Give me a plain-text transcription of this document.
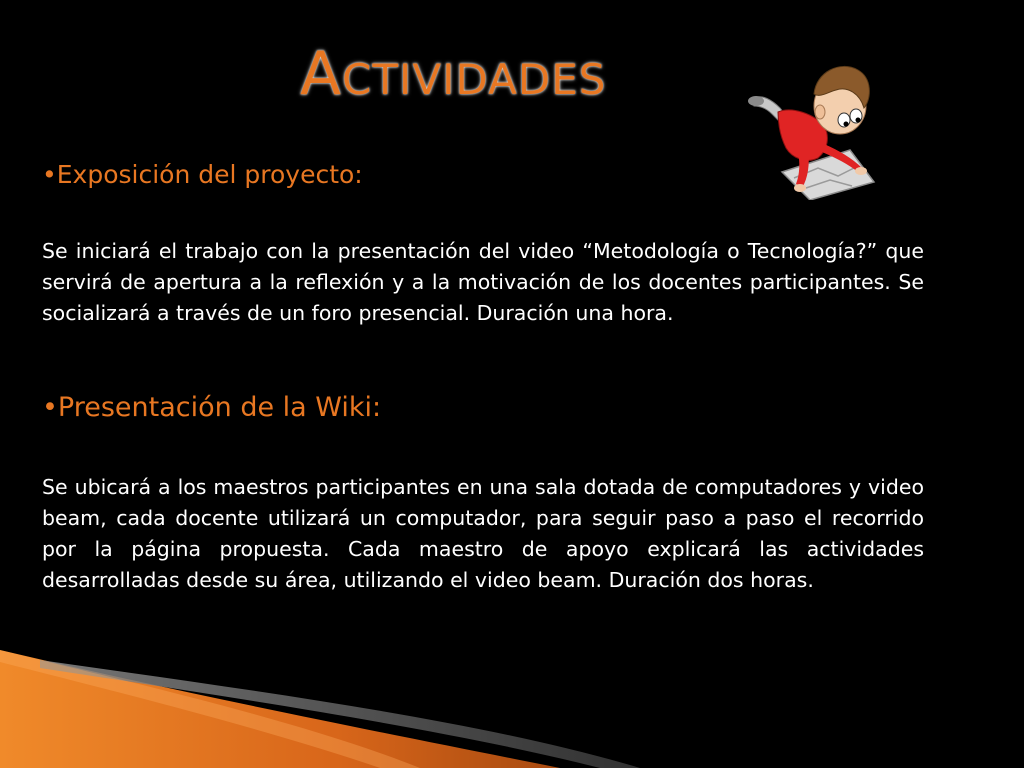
Actividades
•Exposición del proyecto:

Se iniciará el trabajo con la presentación del video “Metodología o Tecnología?” que servirá de apertura a la reflexión y a la motivación de los docentes participantes. Se socializará a través de un foro presencial. Duración una hora.

•Presentación de la Wiki:

Se ubicará a los maestros participantes en una sala dotada de computadores y video beam, cada docente utilizará un computador, para seguir paso a paso el recorrido por la página propuesta. Cada maestro de apoyo explicará las actividades desarrolladas desde su área, utilizando el video beam. Duración dos horas.
